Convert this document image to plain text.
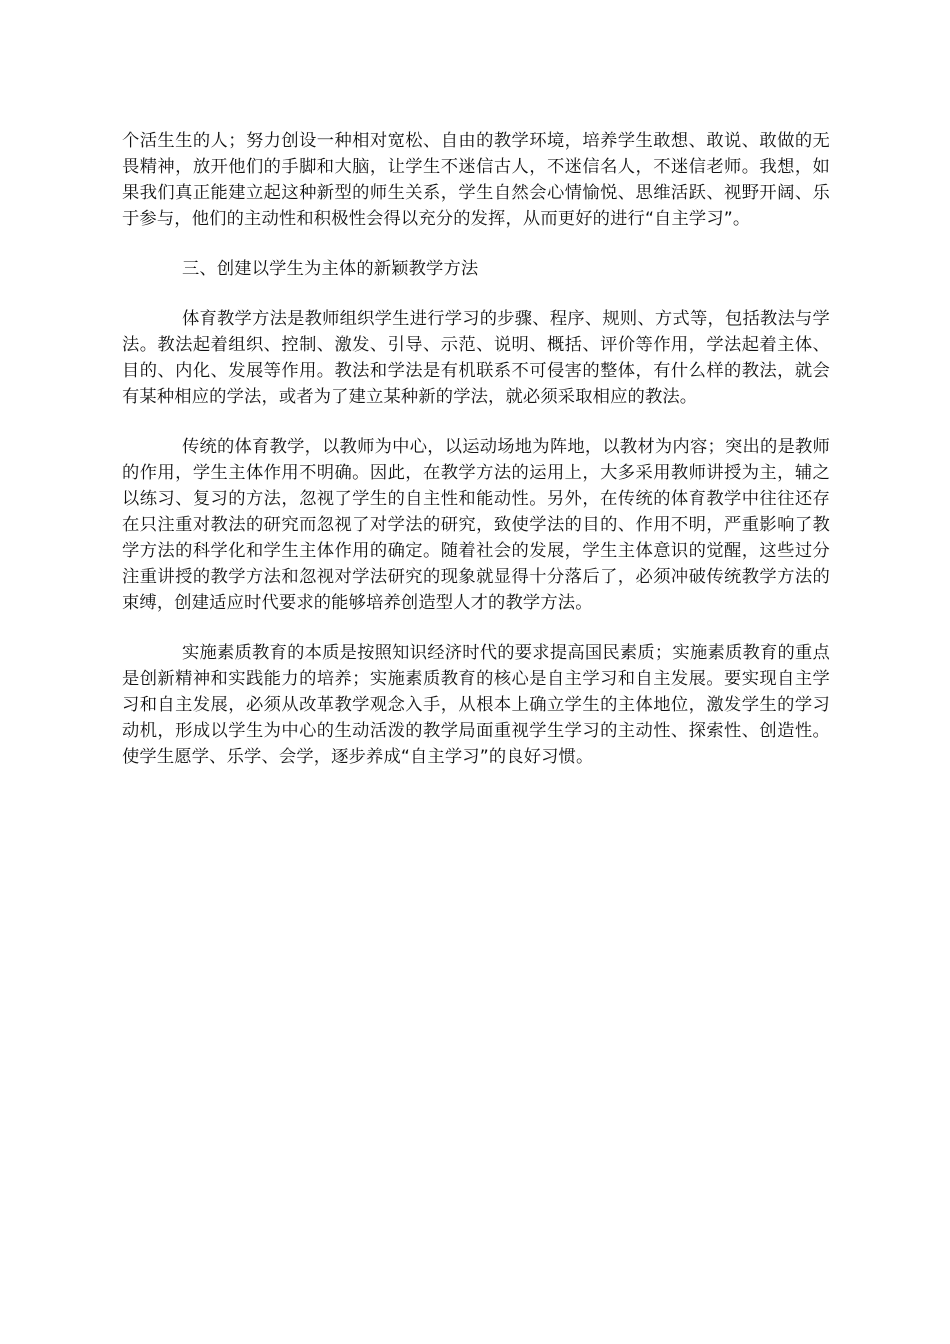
个活生生的人；努力创设一种相对宽松、自由的教学环境，培养学生敢想、敢说、敢做的无畏精神，放开他们的手脚和大脑，让学生不迷信古人，不迷信名人，不迷信老师。我想，如果我们真正能建立起这种新型的师生关系，学生自然会心情愉悦、思维活跃、视野开阔、乐于参与，他们的主动性和积极性会得以充分的发挥，从而更好的进行“自主学习”。

三、创建以学生为主体的新颖教学方法

体育教学方法是教师组织学生进行学习的步骤、程序、规则、方式等，包括教法与学法。教法起着组织、控制、激发、引导、示范、说明、概括、评价等作用，学法起着主体、目的、内化、发展等作用。教法和学法是有机联系不可侵害的整体，有什么样的教法，就会有某种相应的学法，或者为了建立某种新的学法，就必须采取相应的教法。

传统的体育教学，以教师为中心，以运动场地为阵地，以教材为内容；突出的是教师的作用，学生主体作用不明确。因此，在教学方法的运用上，大多采用教师讲授为主，辅之以练习、复习的方法，忽视了学生的自主性和能动性。另外，在传统的体育教学中往往还存在只注重对教法的研究而忽视了对学法的研究，致使学法的目的、作用不明，严重影响了教学方法的科学化和学生主体作用的确定。随着社会的发展，学生主体意识的觉醒，这些过分注重讲授的教学方法和忽视对学法研究的现象就显得十分落后了，必须冲破传统教学方法的束缚，创建适应时代要求的能够培养创造型人才的教学方法。

实施素质教育的本质是按照知识经济时代的要求提高国民素质；实施素质教育的重点是创新精神和实践能力的培养；实施素质教育的核心是自主学习和自主发展。要实现自主学习和自主发展，必须从改革教学观念入手，从根本上确立学生的主体地位，激发学生的学习动机，形成以学生为中心的生动活泼的教学局面重视学生学习的主动性、探索性、创造性。使学生愿学、乐学、会学，逐步养成“自主学习”的良好习惯。
